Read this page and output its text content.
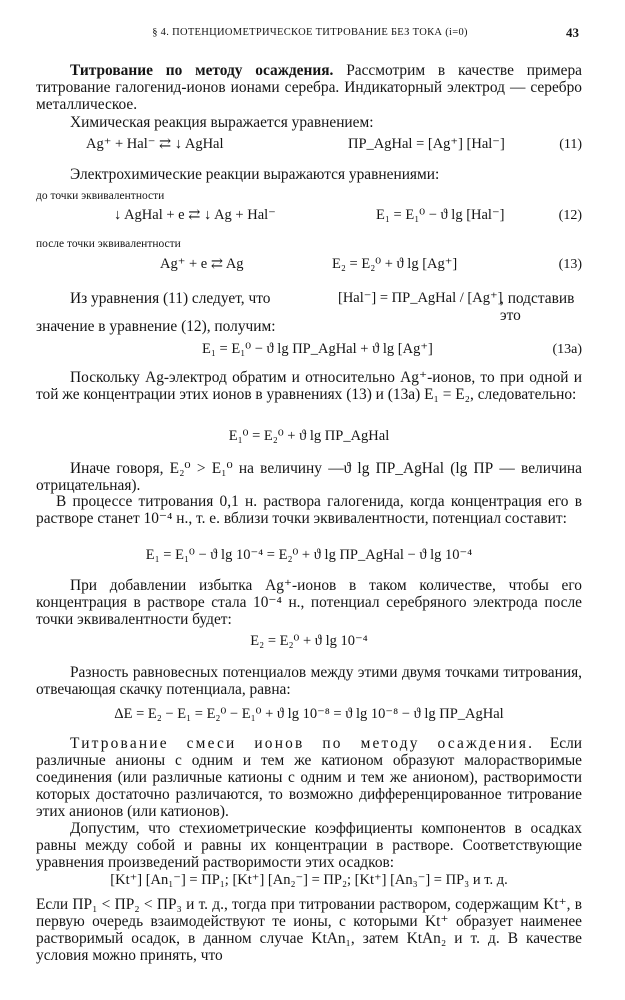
§ 4. ПОТЕНЦИОМЕТРИЧЕСКОЕ ТИТРОВАНИЕ БЕЗ ТОКА (i=0)	43
Титрование по методу осаждения. Рассмотрим в качестве примера титрование галогенид-ионов ионами серебра. Индикаторный электрод — серебро металлическое.
Химическая реакция выражается уравнением:
Ag⁺ + Hal⁻ ⇄ ↓ AgHal	ПР_AgHal = [Ag⁺] [Hal⁻]	(11)
Электрохимические реакции выражаются уравнениями:
до точки эквивалентности
↓ AgHal + e ⇄ ↓ Ag + Hal⁻	E₁ = E₁⁰ − ϑ lg [Hal⁻]	(12)
после точки эквивалентности
Ag⁺ + e ⇄ Ag	E₂ = E₂⁰ + ϑ lg [Ag⁺]	(13)
Из уравнения (11) следует, что	[Hal⁻] = ПР_AgHal / [Ag⁺]
, подставив это
значение в уравнение (12), получим:
E₁ = E₁⁰ − ϑ lg ПР_AgHal + ϑ lg [Ag⁺]	(13a)
Поскольку Ag-электрод обратим и относительно Ag⁺-ионов, то при одной и той же концентрации этих ионов в уравнениях (13) и (13a) E₁ = E₂, следовательно:
E₁⁰ = E₂⁰ + ϑ lg ПР_AgHal
Иначе говоря, E₂⁰ > E₁⁰ на величину —ϑ lg ПР_AgHal (lg ПР — величина отрицательная).
В процессе титрования 0,1 н. раствора галогенида, когда концентрация его в растворе станет 10⁻⁴ н., т. е. вблизи точки эквивалентности, потенциал составит:
E₁ = E₁⁰ − ϑ lg 10⁻⁴ = E₂⁰ + ϑ lg ПР_AgHal − ϑ lg 10⁻⁴
При добавлении избытка Ag⁺-ионов в таком количестве, чтобы его концентрация в растворе стала 10⁻⁴ н., потенциал серебряного электрода после точки эквивалентности будет:
E₂ = E₂⁰ + ϑ lg 10⁻⁴
Разность равновесных потенциалов между этими двумя точками титрования, отвечающая скачку потенциала, равна:
ΔE = E₂ − E₁ = E₂⁰ − E₁⁰ + ϑ lg 10⁻⁸ = ϑ lg 10⁻⁸ − ϑ lg ПР_AgHal
Титрование смеси ионов по методу осаждения. Если различные анионы с одним и тем же катионом образуют малорастворимые соединения (или различные катионы с одним и тем же анионом), растворимости которых достаточно различаются, то возможно дифференцированное титрование этих анионов (или катионов).
Допустим, что стехиометрические коэффициенты компонентов в осадках равны между собой и равны их концентрации в растворе. Соответствующие уравнения произведений растворимости этих осадков:
[Kt⁺] [An₁⁻] = ПР₁; [Kt⁺] [An₂⁻] = ПР₂; [Kt⁺] [An₃⁻] = ПР₃ и т. д.
Если ПР₁ < ПР₂ < ПР₃ и т. д., тогда при титровании раствором, содержащим Kt⁺, в первую очередь взаимодействуют те ионы, с которыми Kt⁺ образует наименее растворимый осадок, в данном случае KtAn₁, затем KtAn₂ и т. д. В качестве условия можно принять, что
